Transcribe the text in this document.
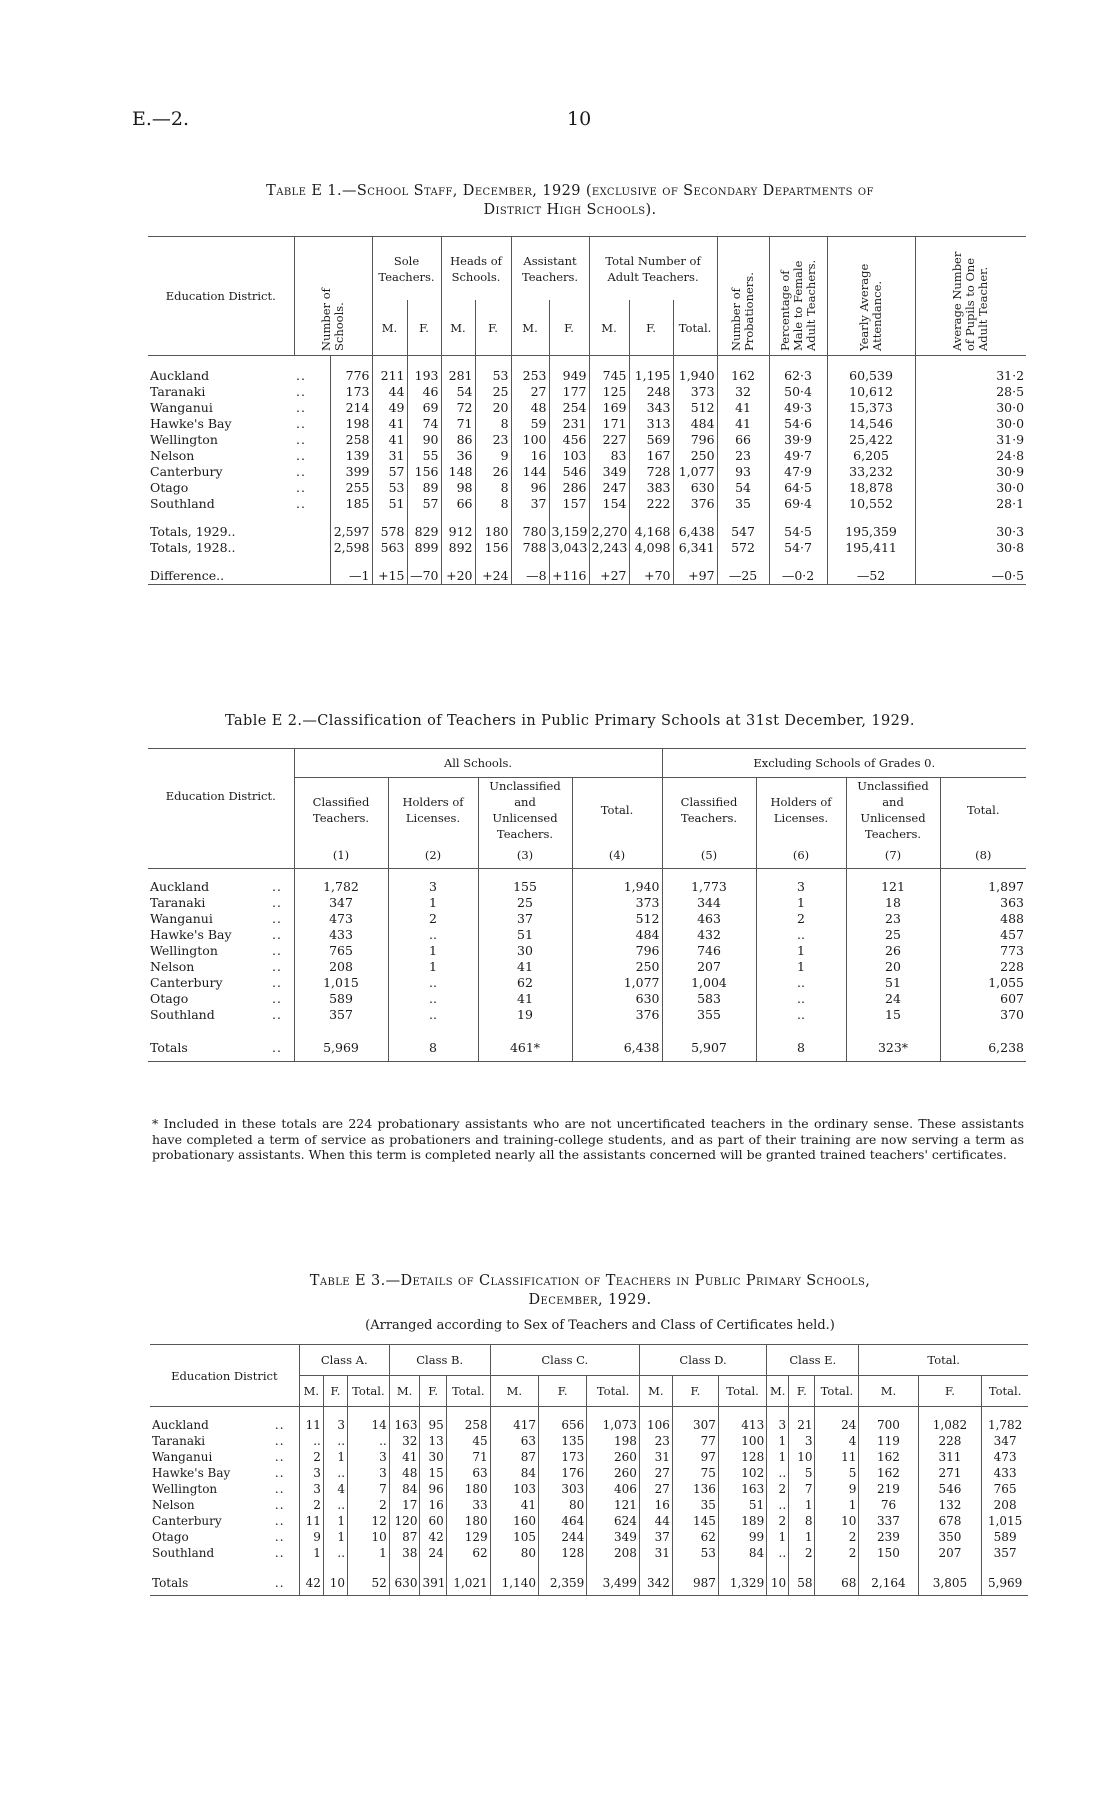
E.—2.	10
Table E 1.—School Staff, December, 1929 (exclusive of Secondary Departments of
District High Schools).
Education District.	Number of Schools.		Sole Teachers.		Heads of Schools.		Assistant Teachers.		Total Number of Adult Teachers.			Number of Probationers.	Percentage of Male to Female Adult Teachers.	Yearly Average Attendance.	Average Number of Pupils to One Adult Teacher.	
			M.	F.	M.	F.	M.	F.	M.	F.	Total.					

Auckland	..	776	211	193	281	53	253	949	745	1,195	1,940	162	62·3	60,539	31·2	
Taranaki	..	173	44	46	54	25	27	177	125	248	373	32	50·4	10,612	28·5	
Wanganui	..	214	49	69	72	20	48	254	169	343	512	41	49·3	15,373	30·0	
Hawke's Bay	..	198	41	74	71	8	59	231	171	313	484	41	54·6	14,546	30·0	
Wellington	..	258	41	90	86	23	100	456	227	569	796	66	39·9	25,422	31·9	
Nelson	..	139	31	55	36	9	16	103	83	167	250	23	49·7	6,205	24·8	
Canterbury	..	399	57	156	148	26	144	546	349	728	1,077	93	47·9	33,232	30·9	
Otago	..	255	53	89	98	8	96	286	247	383	630	54	64·5	18,878	30·0	
Southland	..	185	51	57	66	8	37	157	154	222	376	35	69·4	10,552	28·1	

Totals, 1929..		2,597	578	829	912	180	780	3,159	2,270	4,168	6,438	547	54·5	195,359	30·3	
Totals, 1928..		2,598	563	899	892	156	788	3,043	2,243	4,098	6,341	572	54·7	195,411	30·8	

Difference..		—1	+15	—70	+20	+24	—8	+116	+27	+70	+97	—25	—0·2	—52	—0·5	
Table E 2.—Classification of Teachers in Public Primary Schools at 31st December, 1929.
Education District.		All Schools.				Excluding Schools of Grades 0.			
		Classified Teachers.	Holders of Licenses.	Unclassified and Unlicensed Teachers.	Total.	Classified Teachers.	Holders of Licenses.	Unclassified and Unlicensed Teachers.	Total.
		(1)	(2)	(3)	(4)	(5)	(6)	(7)	(8)

Auckland	..	1,782	3	155	1,940	1,773	3	121	1,897
Taranaki	..	347	1	25	373	344	1	18	363
Wanganui	..	473	2	37	512	463	2	23	488
Hawke's Bay	..	433	..	51	484	432	..	25	457
Wellington	..	765	1	30	796	746	1	26	773
Nelson	..	208	1	41	250	207	1	20	228
Canterbury	..	1,015	..	62	1,077	1,004	..	51	1,055
Otago	..	589	..	41	630	583	..	24	607
Southland	..	357	..	19	376	355	..	15	370

Totals	..	5,969	8	461*	6,438	5,907	8	323*	6,238
* Included in these totals are 224 probationary assistants who are not uncertificated teachers in the ordinary sense. These assistants have completed a term of service as probationers and training-college students, and as part of their training are now serving a term as probationary assistants. When this term is completed nearly all the assistants concerned will be granted trained teachers' certificates.
Table E 3.—Details of Classification of Teachers in Public Primary Schools,
December, 1929.
(Arranged according to Sex of Teachers and Class of Certificates held.)
Education District		Class A.			Class B.			Class C.			Class D.			Class E.			Total.		
		M.	F.	Total.	M.	F.	Total.	M.	F.	Total.	M.	F.	Total.	M.	F.	Total.	M.	F.	Total.

Auckland	..	11	3	14	163	95	258	417	656	1,073	106	307	413	3	21	24	700	1,082	1,782
Taranaki	..	..	..	..	32	13	45	63	135	198	23	77	100	1	3	4	119	228	347
Wanganui	..	2	1	3	41	30	71	87	173	260	31	97	128	1	10	11	162	311	473
Hawke's Bay	..	3	..	3	48	15	63	84	176	260	27	75	102	..	5	5	162	271	433
Wellington	..	3	4	7	84	96	180	103	303	406	27	136	163	2	7	9	219	546	765
Nelson	..	2	..	2	17	16	33	41	80	121	16	35	51	..	1	1	76	132	208
Canterbury	..	11	1	12	120	60	180	160	464	624	44	145	189	2	8	10	337	678	1,015
Otago	..	9	1	10	87	42	129	105	244	349	37	62	99	1	1	2	239	350	589
Southland	..	1	..	1	38	24	62	80	128	208	31	53	84	..	2	2	150	207	357

Totals	..	42	10	52	630	391	1,021	1,140	2,359	3,499	342	987	1,329	10	58	68	2,164	3,805	5,969
